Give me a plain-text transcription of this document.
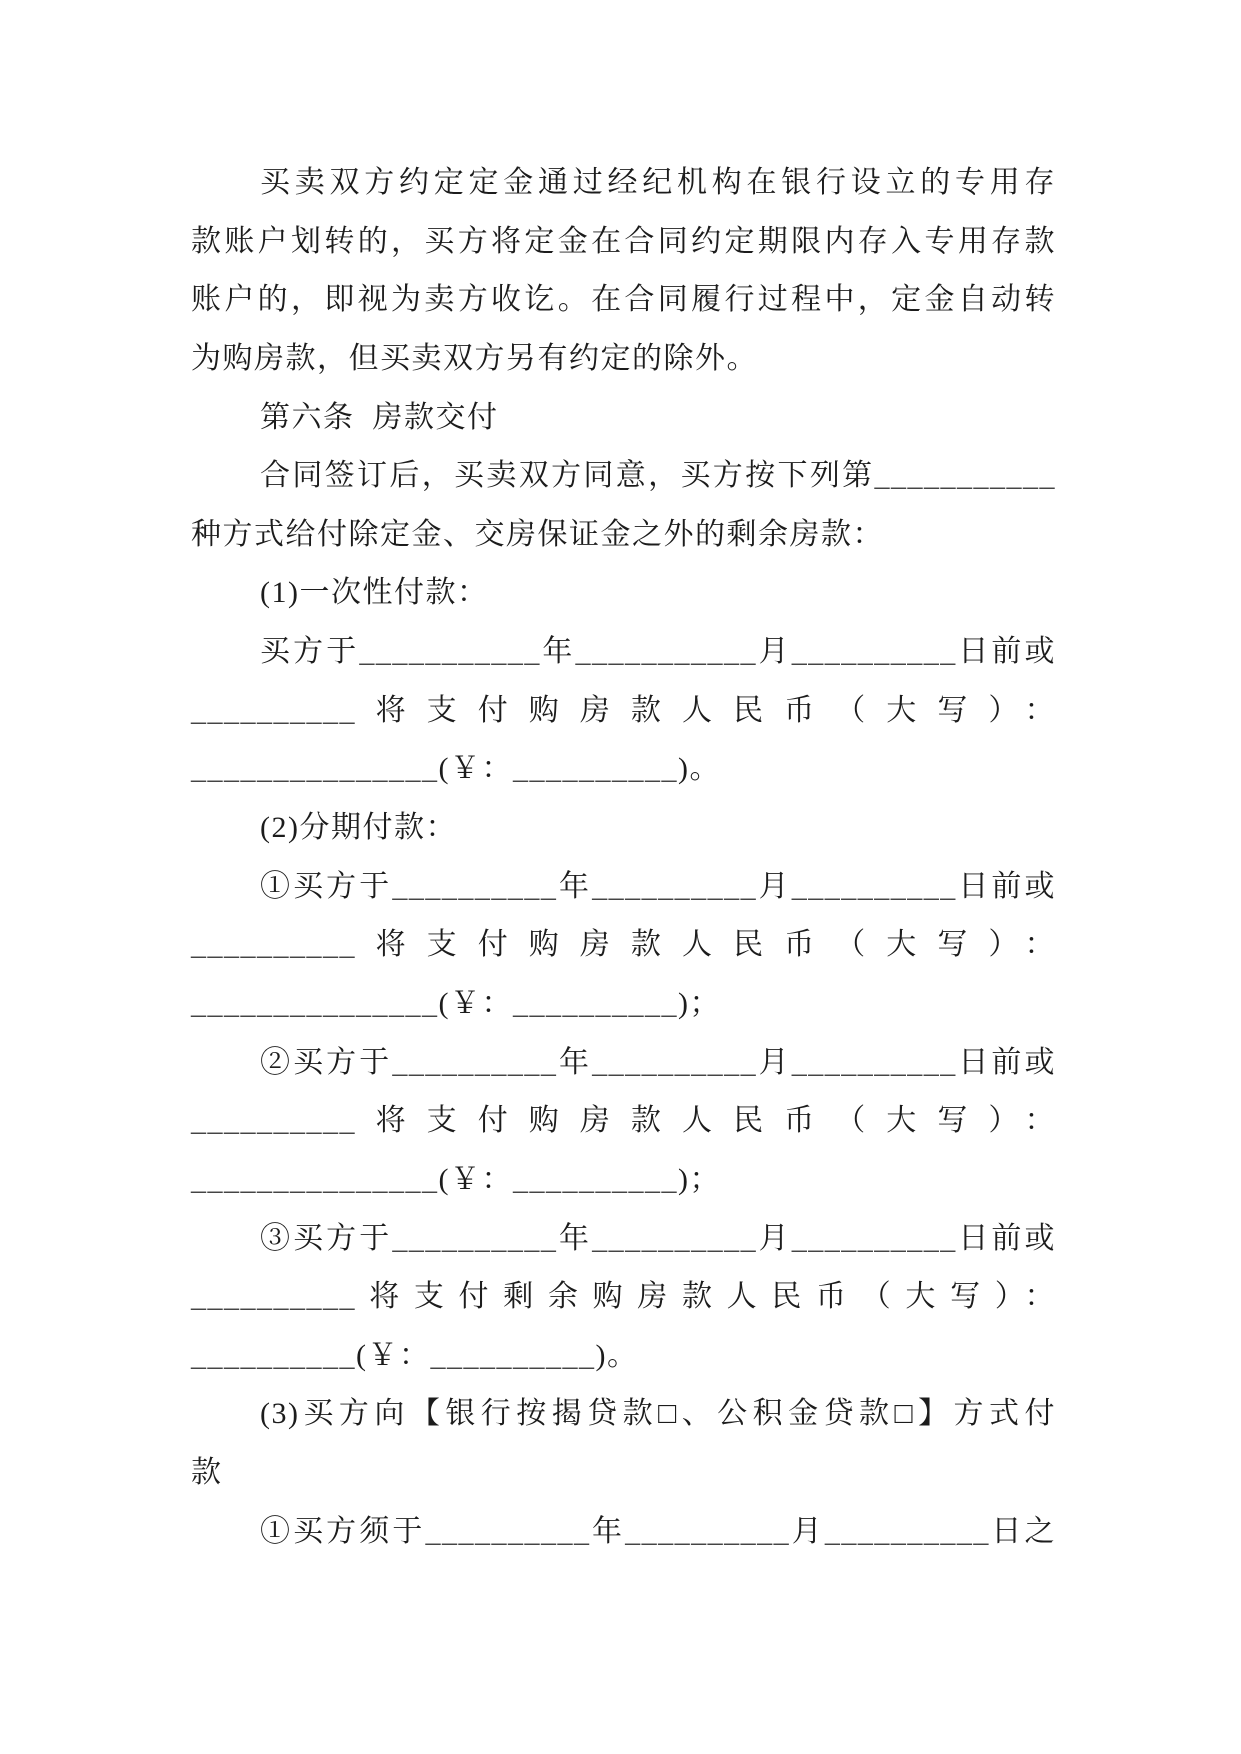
买卖双方约定定金通过经纪机构在银行设立的专用存
款账户划转的，买方将定金在合同约定期限内存入专用存款
账户的，即视为卖方收讫。在合同履行过程中，定金自动转
为购房款，但买卖双方另有约定的除外。
第六条  房款交付
合同签订后，买卖双方同意，买方按下列第___________
种方式给付除定金、交房保证金之外的剩余房款：
(1)一次性付款：
买方于___________年___________月__________日前或
__________将支付购房款人民币（大写）：
_______________(￥：__________)。
(2)分期付款：
①买方于__________年__________月__________日前或
__________将支付购房款人民币（大写）：
_______________(￥：__________)；
②买方于__________年__________月__________日前或
__________将支付购房款人民币（大写）：
_______________(￥：__________)；
③买方于__________年__________月__________日前或
__________将支付剩余购房款人民币（大写）：
__________(￥：__________)。
(3)买方向【银行按揭贷款□、公积金贷款□】方式付
款
①买方须于__________年__________月__________日之
